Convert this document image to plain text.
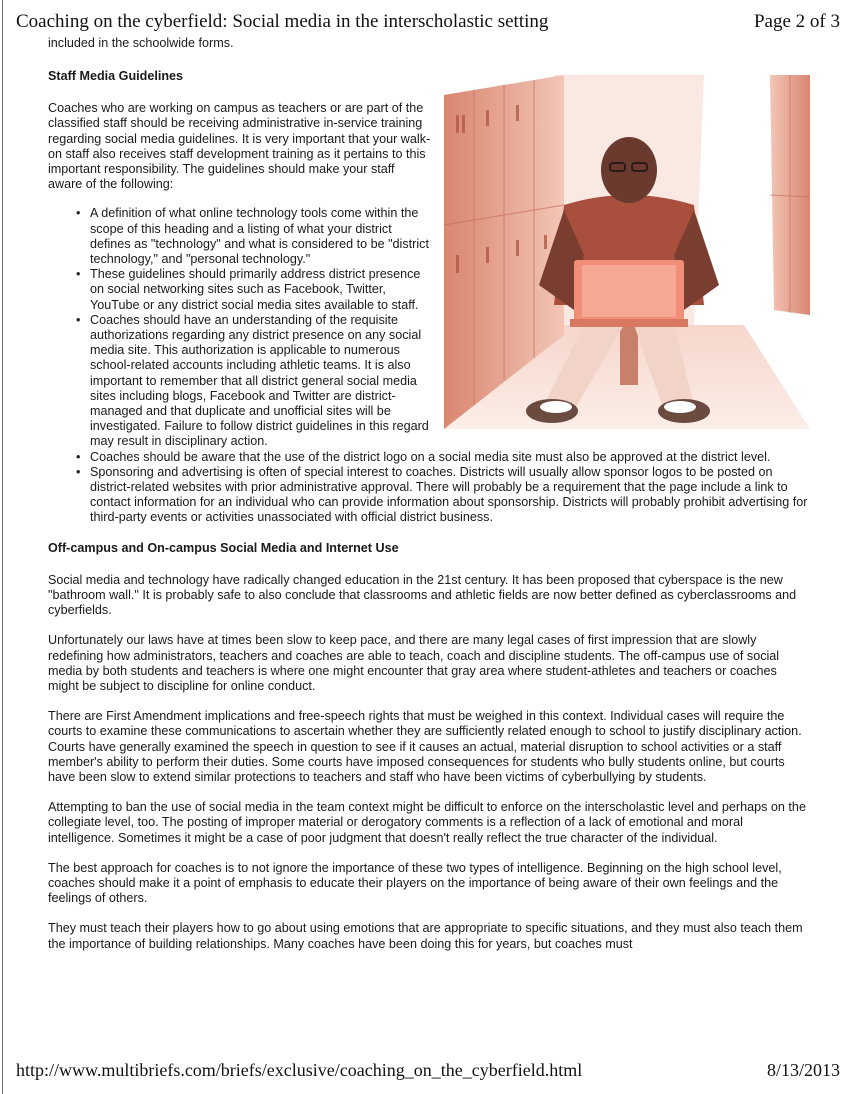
Coaching on the cyberfield: Social media in the interscholastic setting	Page 2 of 3

included in the schoolwide forms.

Staff Media Guidelines

Coaches who are working on campus as teachers or are part of the classified staff should be receiving administrative in-service training regarding social media guidelines. It is very important that your walk-on staff also receives staff development training as it pertains to this important responsibility. The guidelines should make your staff aware of the following:

• A definition of what online technology tools come within the scope of this heading and a listing of what your district defines as "technology" and what is considered to be "district technology," and "personal technology."
• These guidelines should primarily address district presence on social networking sites such as Facebook, Twitter, YouTube or any district social media sites available to staff.
• Coaches should have an understanding of the requisite authorizations regarding any district presence on any social media site. This authorization is applicable to numerous school-related accounts including athletic teams. It is also important to remember that all district general social media sites including blogs, Facebook and Twitter are district-managed and that duplicate and unofficial sites will be investigated. Failure to follow district guidelines in this regard may result in disciplinary action.
• Coaches should be aware that the use of the district logo on a social media site must also be approved at the district level.
• Sponsoring and advertising is often of special interest to coaches. Districts will usually allow sponsor logos to be posted on district-related websites with prior administrative approval. There will probably be a requirement that the page include a link to contact information for an individual who can provide information about sponsorship. Districts will probably prohibit advertising for third-party events or activities unassociated with official district business.
Off-campus and On-campus Social Media and Internet Use

Social media and technology have radically changed education in the 21st century. It has been proposed that cyberspace is the new "bathroom wall." It is probably safe to also conclude that classrooms and athletic fields are now better defined as cyberclassrooms and cyberfields.

Unfortunately our laws have at times been slow to keep pace, and there are many legal cases of first impression that are slowly redefining how administrators, teachers and coaches are able to teach, coach and discipline students. The off-campus use of social media by both students and teachers is where one might encounter that gray area where student-athletes and teachers or coaches might be subject to discipline for online conduct.

There are First Amendment implications and free-speech rights that must be weighed in this context. Individual cases will require the courts to examine these communications to ascertain whether they are sufficiently related enough to school to justify disciplinary action. Courts have generally examined the speech in question to see if it causes an actual, material disruption to school activities or a staff member's ability to perform their duties. Some courts have imposed consequences for students who bully students online, but courts have been slow to extend similar protections to teachers and staff who have been victims of cyberbullying by students.

Attempting to ban the use of social media in the team context might be difficult to enforce on the interscholastic level and perhaps on the collegiate level, too. The posting of improper material or derogatory comments is a reflection of a lack of emotional and moral intelligence. Sometimes it might be a case of poor judgment that doesn't really reflect the true character of the individual.

The best approach for coaches is to not ignore the importance of these two types of intelligence. Beginning on the high school level, coaches should make it a point of emphasis to educate their players on the importance of being aware of their own feelings and the feelings of others.

They must teach their players how to go about using emotions that are appropriate to specific situations, and they must also teach them the importance of building relationships. Many coaches have been doing this for years, but coaches must

http://www.multibriefs.com/briefs/exclusive/coaching_on_the_cyberfield.html	8/13/2013
